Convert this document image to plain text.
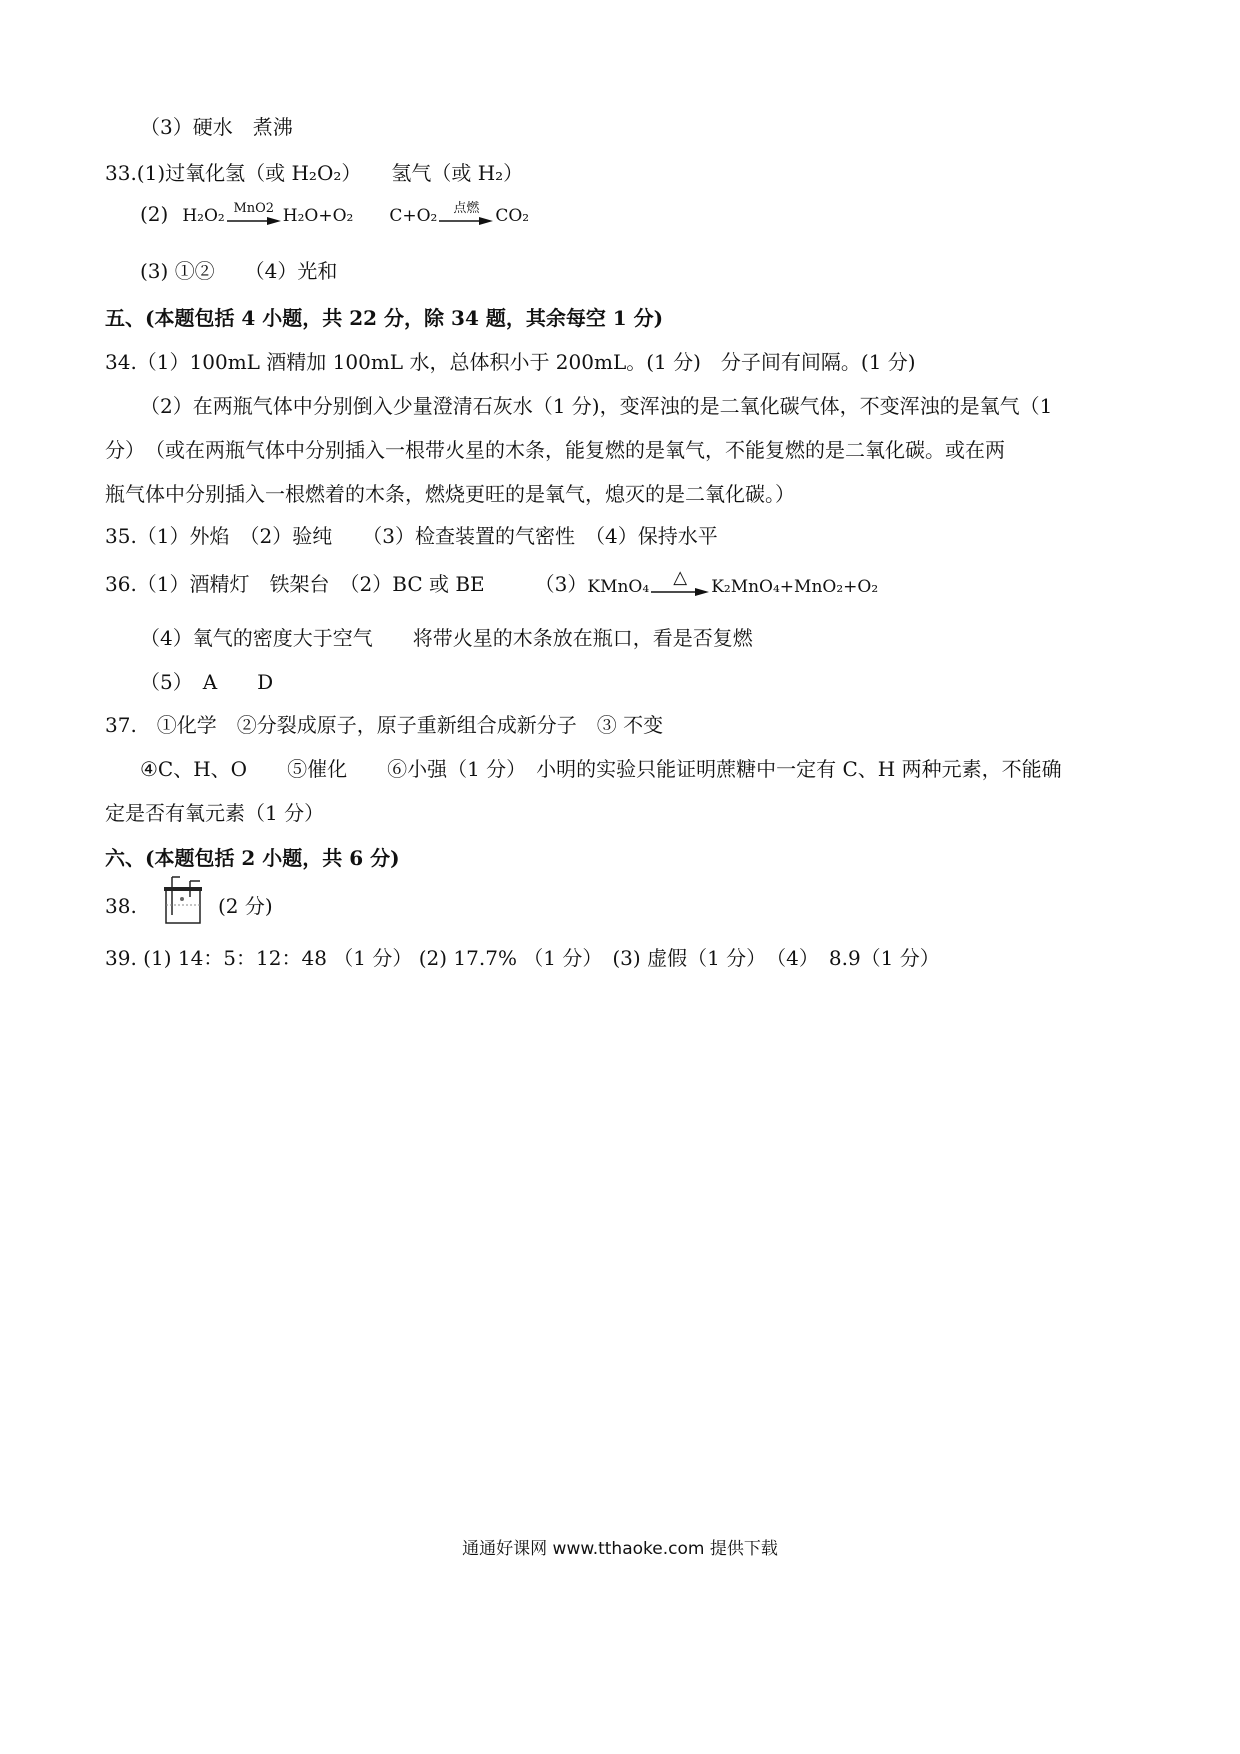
（3）硬水　煮沸
33.(1)过氧化氢（或 H₂O₂）　　氢气（或 H₂）
(2) H₂O₂ MnO2 H₂O+O₂ C+O₂ 点燃 CO₂
(3) ①②　　（4）光和
五、(本题包括 4 小题，共 22 分，除 34 题，其余每空 1 分)
34.（1）100mL 酒精加 100mL 水，总体积小于 200mL。(1 分)　分子间有间隔。(1 分)
（2）在两瓶气体中分别倒入少量澄清石灰水（1 分)，变浑浊的是二氧化碳气体，不变浑浊的是氧气（1
分）　（或在两瓶气体中分别插入一根带火星的木条，能复燃的是氧气，不能复燃的是二氧化碳。或在两
瓶气体中分别插入一根燃着的木条，燃烧更旺的是氧气，熄灭的是二氧化碳。）
35.（1）外焰　（2）验纯　　（3）检查装置的气密性　（4）保持水平
36.（1）酒精灯　铁架台　（2）BC 或 BE　　　（3） KMnO₄ △ K₂MnO₄+MnO₂+O₂
（4）氧气的密度大于空气　　将带火星的木条放在瓶口，看是否复燃
（5）　A　　D
37.　①化学　②分裂成原子，原子重新组合成新分子　③ 不变
④C、H、O　　⑤催化　　⑥小强（1 分）　小明的实验只能证明蔗糖中一定有 C、H 两种元素，不能确
定是否有氧元素（1 分）
六、(本题包括 2 小题，共 6 分)
38.	(2 分)
39. (1) 14：5：12：48 （1 分） (2) 17.7% （1 分）　(3) 虚假（1 分）　（4）　8.9（1 分）
通通好课网 www.tthaoke.com 提供下载
